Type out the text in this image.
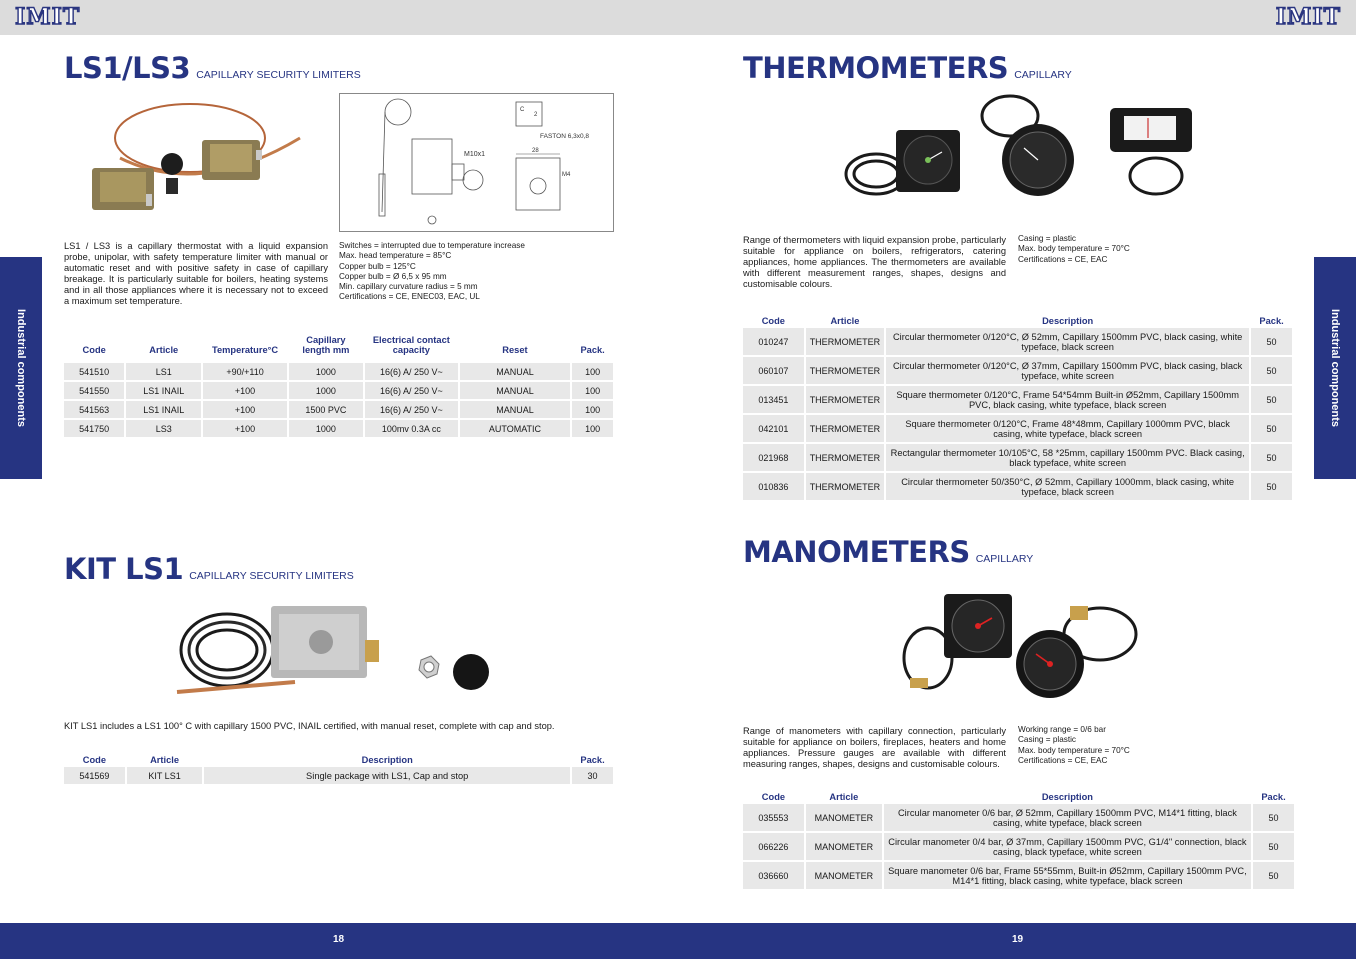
IMIT	IMIT
Industrial components	Industrial components
LS1/LS3 CAPILLARY SECURITY LIMITERS
M10x1
FASTON 6,3x0,8
28
M4
C
2

LS1 / LS3 is a capillary thermostat with a liquid expansion probe, unipolar, with safety temperature limiter with manual or automatic reset and with positive safety in case of capillary breakage. It is particularly suitable for boilers, heating systems and in all those appliances where it is necessary not to exceed a maximum set temperature.

Switches = interrupted due to temperature increase
Max. head temperature = 85°C
Copper bulb = 125°C
Copper bulb = Ø 6,5 x 95 mm
Min. capillary curvature radius = 5 mm
Certifications = CE, ENEC03, EAC, UL
Code	Article	Temperature°C	Capillary length mm	Electrical contact capacity	Reset	Pack.

541510	LS1	+90/+110	1000	16(6) A/ 250 V~	MANUAL	100
541550	LS1 INAIL	+100	1000	16(6) A/ 250 V~	MANUAL	100
541563	LS1 INAIL	+100	1500 PVC	16(6) A/ 250 V~	MANUAL	100
541750	LS3	+100	1000	100mv 0.3A cc	AUTOMATIC	100
KIT LS1 CAPILLARY SECURITY LIMITERS

KIT LS1 includes a LS1 100° C with capillary 1500 PVC, INAIL certified, with manual reset, complete with cap and stop.

Code	Article	Description	Pack.
541569	KIT LS1	Single package with LS1, Cap and stop	30
THERMOMETERS CAPILLARY

Range of thermometers with liquid expansion probe, particularly suitable for appliance on boilers, refrigerators, catering appliances, home appliances. The thermometers are available with different measurement ranges, shapes, designs and customisable colours.

Casing = plastic
Max. body temperature = 70°C
Certifications = CE, EAC
Code	Article	Description	Pack.
010247	THERMOMETER	Circular thermometer 0/120°C, Ø 52mm, Capillary 1500mm PVC, black casing, white typeface, black screen	50
060107	THERMOMETER	Circular thermometer 0/120°C, Ø 37mm, Capillary 1500mm PVC, black casing, black typeface, white screen	50
013451	THERMOMETER	Square thermometer 0/120°C, Frame 54*54mm Built-in Ø52mm, Capillary 1500mm PVC, black casing, white typeface, black screen	50
042101	THERMOMETER	Square thermometer 0/120°C, Frame 48*48mm, Capillary 1000mm PVC, black casing, white typeface, black screen	50
021968	THERMOMETER	Rectangular thermometer 10/105°C, 58 *25mm, capillary 1500mm PVC. Black casing, black typeface, white screen	50
010836	THERMOMETER	Circular thermometer 50/350°C, Ø 52mm, Capillary 1000mm, black casing, white typeface, black screen	50
MANOMETERS CAPILLARY

Range of manometers with capillary connection, particularly suitable for appliance on boilers, fireplaces, heaters and home appliances. Pressure gauges are available with different measuring ranges, shapes, designs and customisable colours.

Working range = 0/6 bar
Casing = plastic
Max. body temperature = 70°C
Certifications = CE, EAC
Code	Article	Description	Pack.
035553	MANOMETER	Circular manometer 0/6 bar, Ø 52mm, Capillary 1500mm PVC, M14*1 fitting, black casing, white typeface, black screen	50
066226	MANOMETER	Circular manometer 0/4 bar, Ø 37mm, Capillary 1500mm PVC, G1/4" connection, black casing, black typeface, white screen	50
036660	MANOMETER	Square manometer 0/6 bar, Frame 55*55mm, Built-in Ø52mm, Capillary 1500mm PVC, M14*1 fitting, black casing, white typeface, black screen	50
18	19
